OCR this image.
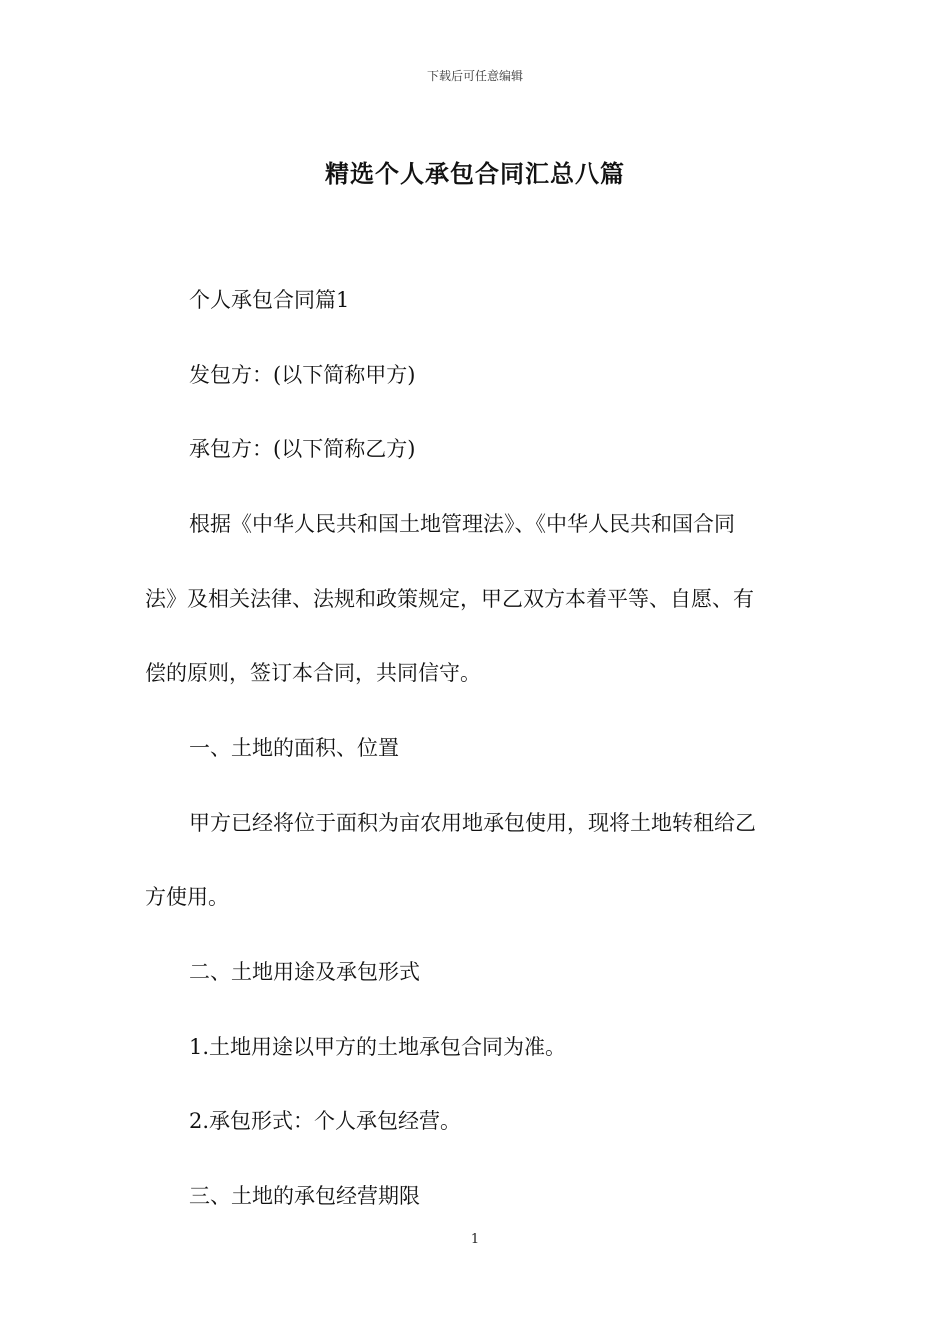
下载后可任意编辑
精选个人承包合同汇总八篇
个人承包合同篇1
发包方：(以下简称甲方)
承包方：(以下简称乙方)
根据《中华人民共和国土地管理法》、《中华人民共和国合同
法》及相关法律、法规和政策规定，甲乙双方本着平等、自愿、有
偿的原则，签订本合同，共同信守。
一、土地的面积、位置
甲方已经将位于面积为亩农用地承包使用，现将土地转租给乙
方使用。
二、土地用途及承包形式
1.土地用途以甲方的土地承包合同为准。
2.承包形式：个人承包经营。
三、土地的承包经营期限
1
